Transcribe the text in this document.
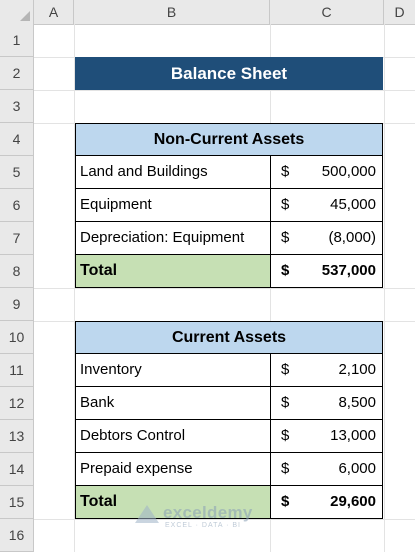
A	B	C	D
1
2
3
4
5
6
7
8
9
10
11
12
13
14
15
16
Balance Sheet
Non-Current Assets
Land and Buildings	$ 500,000
Equipment	$	45,000
Depreciation: Equipment	$	(8,000)
Total	$ 537,000
Current Assets
Inventory	$	2,100
Bank	$	8,500
Debtors Control	$	13,000
Prepaid expense	$	6,000
Total	$	29,600
exceldemy
EXCEL · DATA · BI
